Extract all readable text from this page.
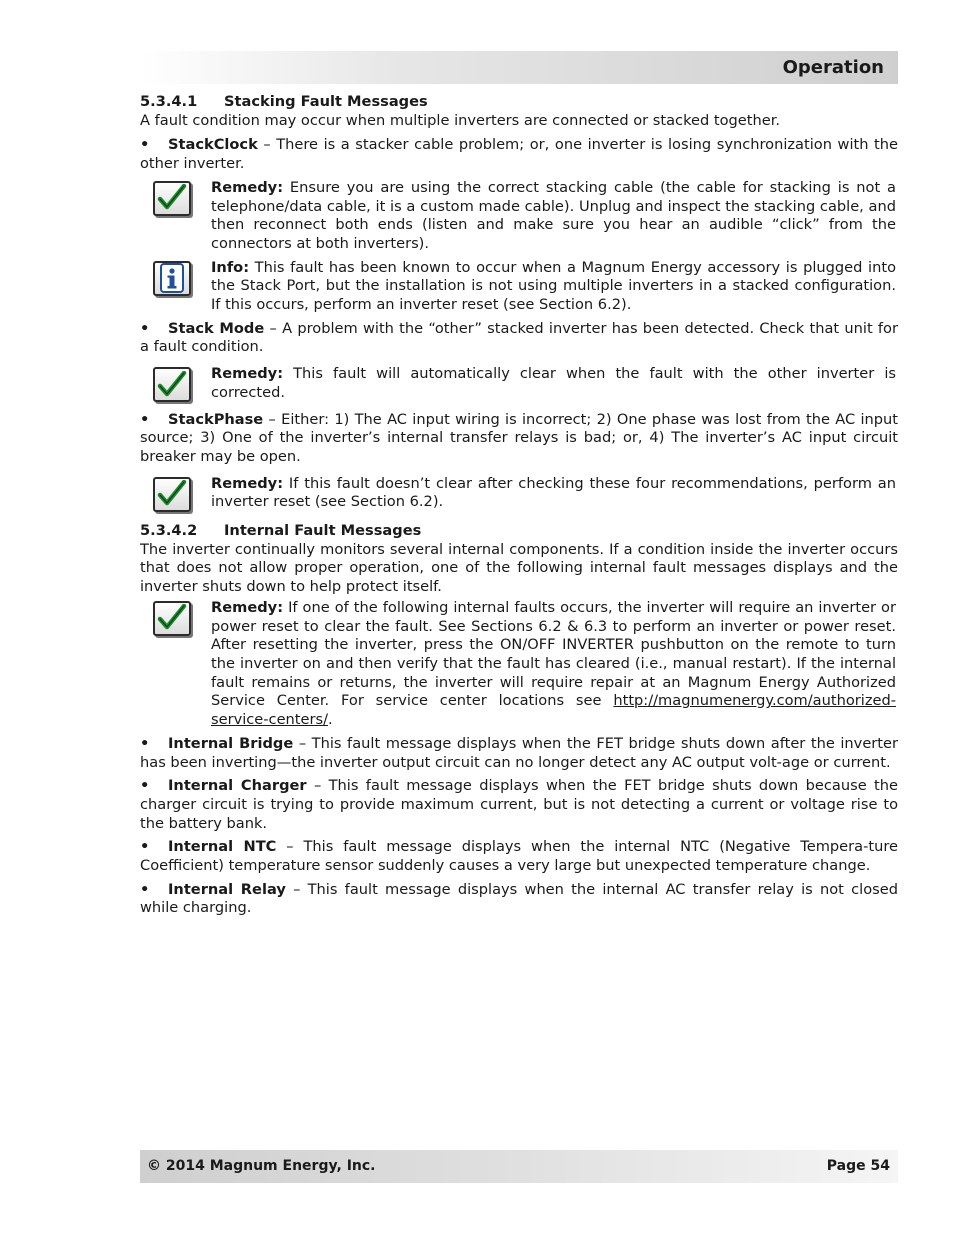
Operation

5.3.4.1 Stacking Fault Messages

A fault condition may occur when multiple inverters are connected or stacked together.

• StackClock – There is a stacker cable problem; or, one inverter is losing synchronization with the other inverter.

Remedy: Ensure you are using the correct stacking cable (the cable for stacking is not a telephone/data cable, it is a custom made cable). Unplug and inspect the stacking cable, and then reconnect both ends (listen and make sure you hear an audible “click” from the connectors at both inverters).

Info: This fault has been known to occur when a Magnum Energy accessory is plugged into the Stack Port, but the installation is not using multiple inverters in a stacked configuration. If this occurs, perform an inverter reset (see Section 6.2).

• Stack Mode – A problem with the “other” stacked inverter has been detected. Check that unit for a fault condition.

Remedy: This fault will automatically clear when the fault with the other inverter is corrected.

• StackPhase – Either: 1) The AC input wiring is incorrect; 2) One phase was lost from the AC input source; 3) One of the inverter’s internal transfer relays is bad; or, 4) The inverter’s AC input circuit breaker may be open.

Remedy: If this fault doesn’t clear after checking these four recommendations, perform an inverter reset (see Section 6.2).

5.3.4.2 Internal Fault Messages

The inverter continually monitors several internal components. If a condition inside the inverter occurs that does not allow proper operation, one of the following internal fault messages displays and the inverter shuts down to help protect itself.

Remedy: If one of the following internal faults occurs, the inverter will require an inverter or power reset to clear the fault. See Sections 6.2 & 6.3 to perform an inverter or power reset. After resetting the inverter, press the ON/OFF INVERTER pushbutton on the remote to turn the inverter on and then verify that the fault has cleared (i.e., manual restart). If the internal fault remains or returns, the inverter will require repair at an Magnum Energy Authorized Service Center. For service center locations see http://magnumenergy.com/authorized-service-centers/.

• Internal Bridge – This fault message displays when the FET bridge shuts down after the inverter has been inverting—the inverter output circuit can no longer detect any AC output volt-age or current.

• Internal Charger – This fault message displays when the FET bridge shuts down because the charger circuit is trying to provide maximum current, but is not detecting a current or voltage rise to the battery bank.

• Internal NTC – This fault message displays when the internal NTC (Negative Tempera-ture Coefficient) temperature sensor suddenly causes a very large but unexpected temperature change.

• Internal Relay – This fault message displays when the internal AC transfer relay is not closed while charging.

© 2014 Magnum Energy, Inc.	Page 54
